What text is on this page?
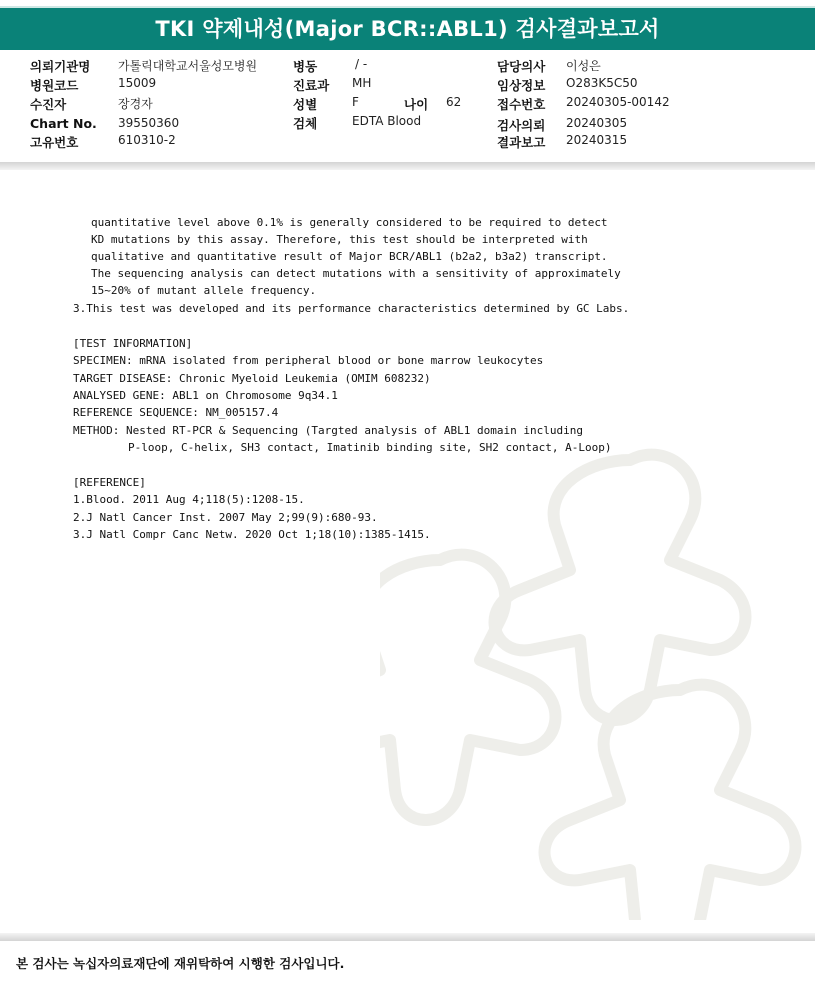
TKI 약제내성(Major BCR::ABL1) 검사결과보고서
의뢰기관명 가톨릭대학교서울성모병원
병원코드	15009
수진자	장경자
Chart No. 39550360
고유번호	610310-2
병동	/ -
진료과 MH
성별	F	나이 62
검체	EDTA Blood
담당의사 이성은
임상정보 O283K5C50
접수번호 20240305-00142
검사의뢰 20240305
결과보고 20240315
quantitative level above 0.1% is generally considered to be required to detect
KD mutations by this assay. Therefore, this test should be interpreted with
qualitative and quantitative result of Major BCR/ABL1 (b2a2, b3a2) transcript.
The sequencing analysis can detect mutations with a sensitivity of approximately
15~20% of mutant allele frequency.
3.This test was developed and its performance characteristics determined by GC Labs.
[TEST INFORMATION]
SPECIMEN: mRNA isolated from peripheral blood or bone marrow leukocytes
TARGET DISEASE: Chronic Myeloid Leukemia (OMIM 608232)
ANALYSED GENE: ABL1 on Chromosome 9q34.1
REFERENCE SEQUENCE: NM_005157.4
METHOD: Nested RT-PCR & Sequencing (Targted analysis of ABL1 domain including
P-loop, C-helix, SH3 contact, Imatinib binding site, SH2 contact, A-Loop)
[REFERENCE]
1.Blood. 2011 Aug 4;118(5):1208-15.
2.J Natl Cancer Inst. 2007 May 2;99(9):680-93.
3.J Natl Compr Canc Netw. 2020 Oct 1;18(10):1385-1415.
본 검사는 녹십자의료재단에 재위탁하여 시행한 검사입니다.
